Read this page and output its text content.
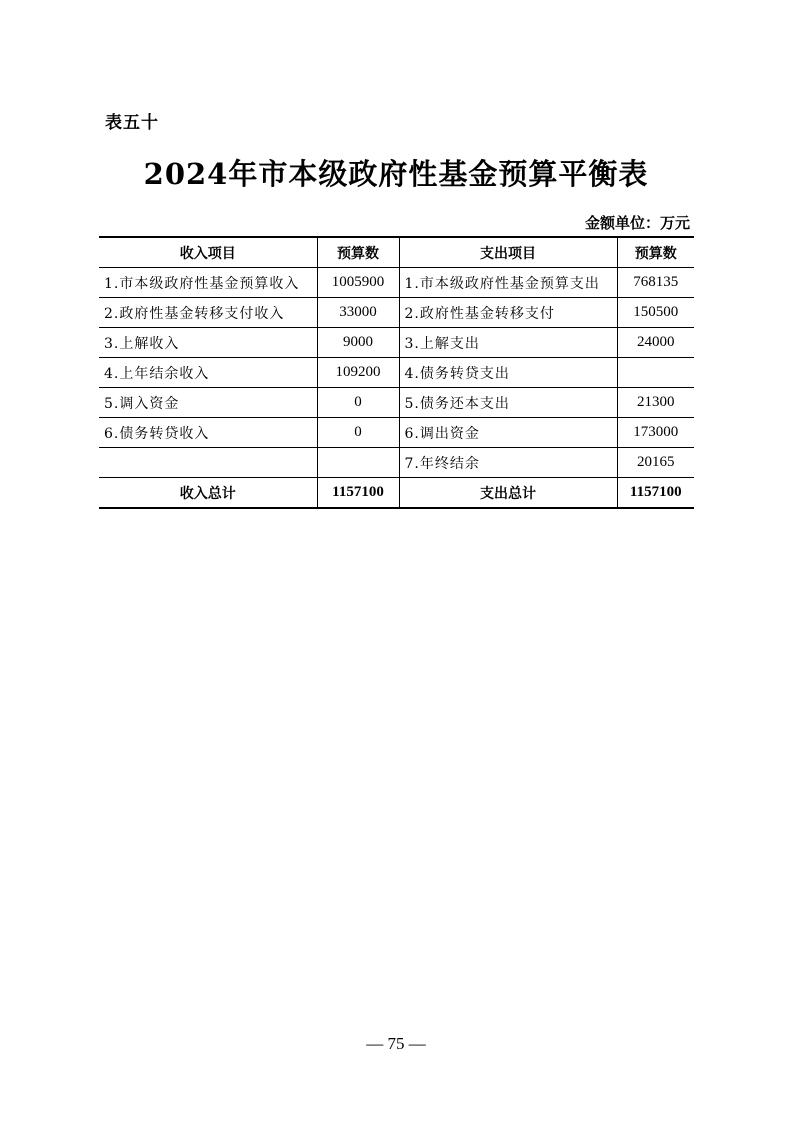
表五十
2024年市本级政府性基金预算平衡表
金额单位：万元
收入项目	预算数	支出项目	预算数
1.市本级政府性基金预算收入	1005900	1.市本级政府性基金预算支出	768135
2.政府性基金转移支付收入	33000	2.政府性基金转移支付	150500
3.上解收入	9000	3.上解支出	24000
4.上年结余收入	109200	4.债务转贷支出	
5.调入资金	0	5.债务还本支出	21300
6.债务转贷收入	0	6.调出资金	173000
		7.年终结余	20165
收入总计	1157100	支出总计	1157100
— 75 —
